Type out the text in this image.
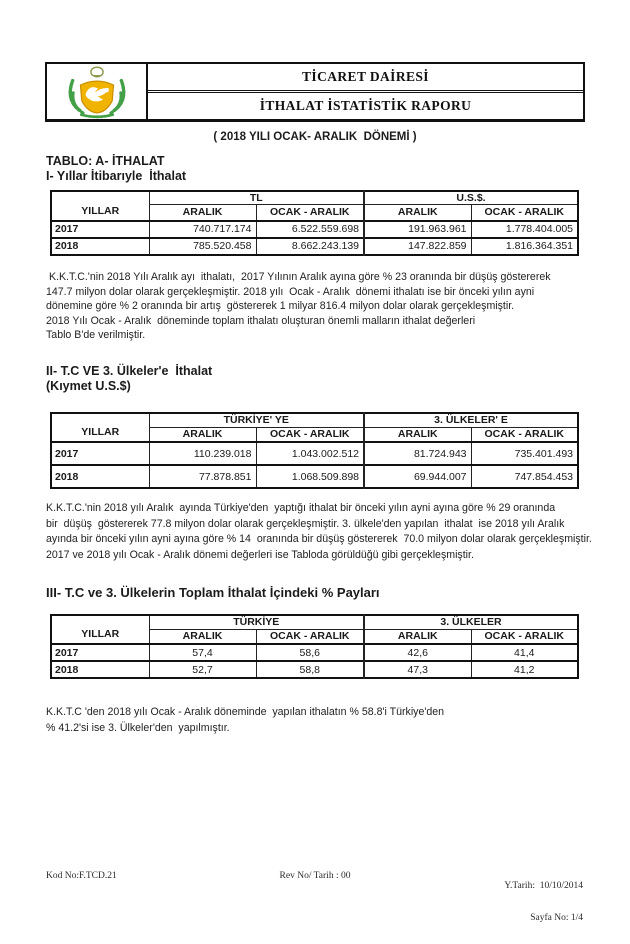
TİCARET DAİRESİ
İTHALAT İSTATİSTİK RAPORU
( 2018 YILI OCAK- ARALIK  DÖNEMİ )
TABLO: A- İTHALAT
I- Yıllar İtibarıyle  İthalat
YILLAR	TL		U.S.$.	
	ARALIK	OCAK - ARALIK	ARALIK	OCAK - ARALIK
2017	740.717.174	6.522.559.698	191.963.961	1.778.404.005
2018	785.520.458	8.662.243.139	147.822.859	1.816.364.351
K.K.T.C.'nin 2018 Yılı Aralık ayı  ithalatı,  2017 Yılının Aralık ayına göre % 23 oranında bir düşüş göstererek
147.7 milyon dolar olarak gerçekleşmiştir. 2018 yılı  Ocak - Aralık  dönemi ithalatı ise bir önceki yılın ayni
dönemine göre % 2 oranında bir artış  göstererek 1 milyar 816.4 milyon dolar olarak gerçekleşmiştir.
2018 Yılı Ocak - Aralık  döneminde toplam ithalatı oluşturan önemli malların ithalat değerleri
Tablo B'de verilmiştir.
II- T.C VE 3. Ülkeler'e  İthalat
(Kıymet U.S.$)
YILLAR	TÜRKİYE' YE		3. ÜLKELER' E	
	ARALIK	OCAK - ARALIK	ARALIK	OCAK - ARALIK
2017	110.239.018	1.043.002.512	81.724.943	735.401.493
2018	77.878.851	1.068.509.898	69.944.007	747.854.453
K.K.T.C.'nin 2018 yılı Aralık  ayında Türkiye'den  yaptığı ithalat bir önceki yılın ayni ayına göre % 29 oranında
bir  düşüş  göstererek 77.8 milyon dolar olarak gerçekleşmiştir. 3. ülkele'den yapılan  ithalat  ise 2018 yılı Aralık
ayında bir önceki yılın ayni ayına göre % 14  oranında bir düşüş göstererek  70.0 milyon dolar olarak gerçekleşmiştir.
2017 ve 2018 yılı Ocak - Aralık dönemi değerleri ise Tabloda görüldüğü gibi gerçekleşmiştir.
III- T.C ve 3. Ülkelerin Toplam İthalat İçindeki % Payları
YILLAR	TÜRKİYE		3. ÜLKELER	
	ARALIK	OCAK - ARALIK	ARALIK	OCAK - ARALIK
2017	57,4	58,6	42,6	41,4
2018	52,7	58,8	47,3	41,2
K.K.T.C 'den 2018 yılı Ocak - Aralık döneminde  yapılan ithalatın % 58.8'i Türkiye'den
% 41.2'si ise 3. Ülkeler'den  yapılmıştır.
Kod No:F.TCD.21	Rev No/ Tarih : 00

Y.Tarih:  10/10/2014

Sayfa No: 1/4
